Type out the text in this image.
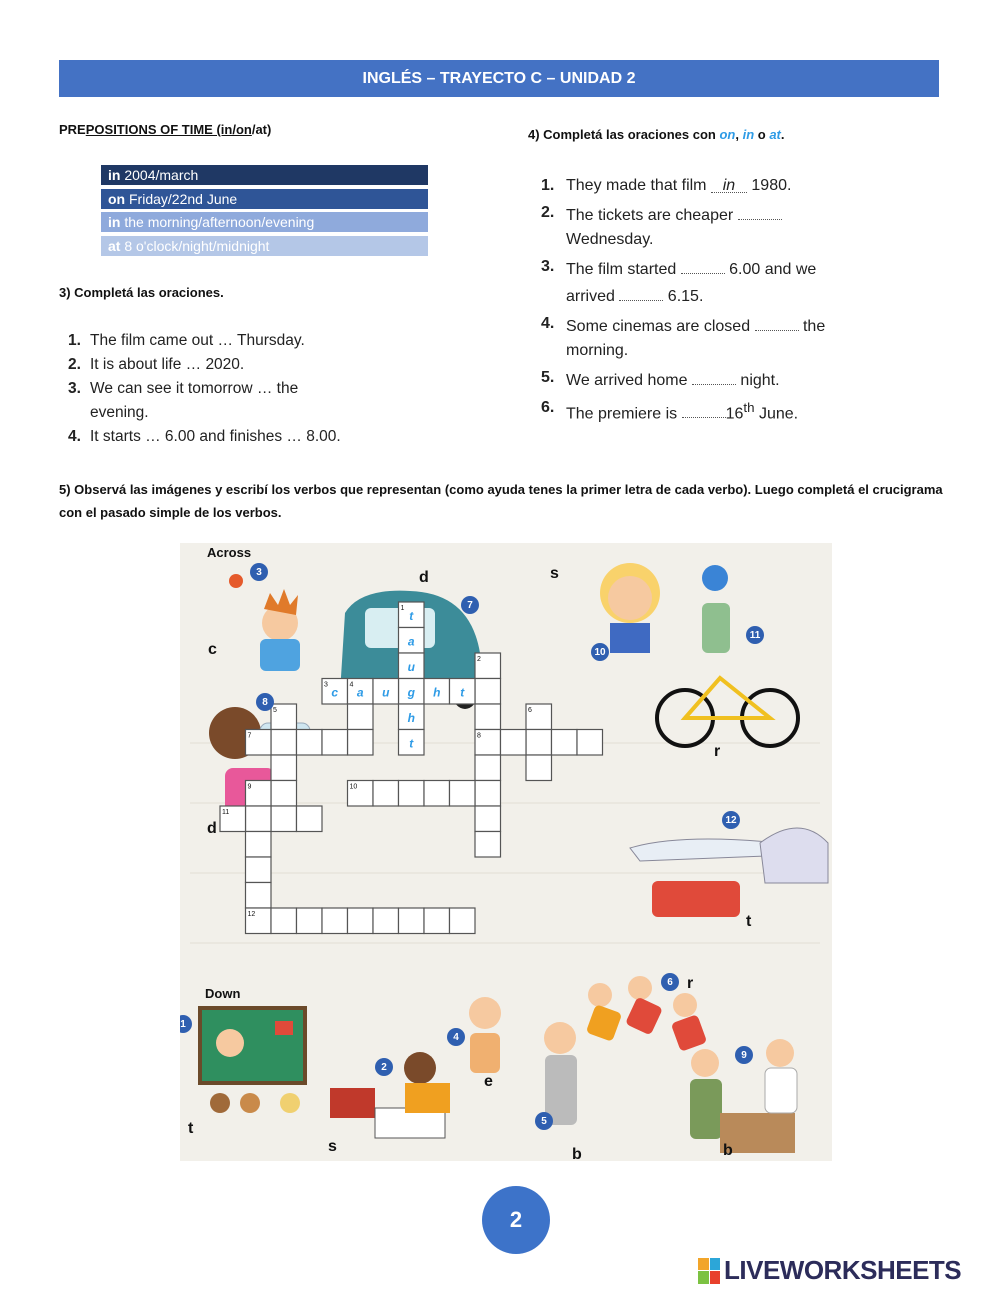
INGLÉS – TRAYECTO C – UNIDAD 2
PREPOSITIONS OF TIME (in/on/at)
in 2004/march
on Friday/22nd June
in the morning/afternoon/evening
at 8 o'clock/night/midnight
3) Completá las oraciones.
1. The film came out … Thursday.
2. It is about life … 2020.
3. We can see it tomorrow … the evening.
4. It starts … 6.00 and finishes … 8.00.
4) Completá las oraciones con on, in o at.
1. They made that film in 1980.
2. The tickets are cheaper  Wednesday.
3. The film started	6.00 and we arrived	6.15.
4. Some cinemas are closed	the morning.
5. We arrived home	night.
6. The premiere is	16th June.
5) Observá las imágenes y escribí los verbos que representan (como ayuda tenes la primer letra de cada verbo). Luego completá el crucigrama con el pasado simple de los verbos.
c a u g h t
t
a
u
h
t
1
2
3	4
5	6
7	8
9	10
11
12
Across
Down
3
7
10
11
8
12
1
2
4
5
6
9
c
d	s
r
d
t
t
s
e
b
r
b
2
LIVEWORKSHEETS
